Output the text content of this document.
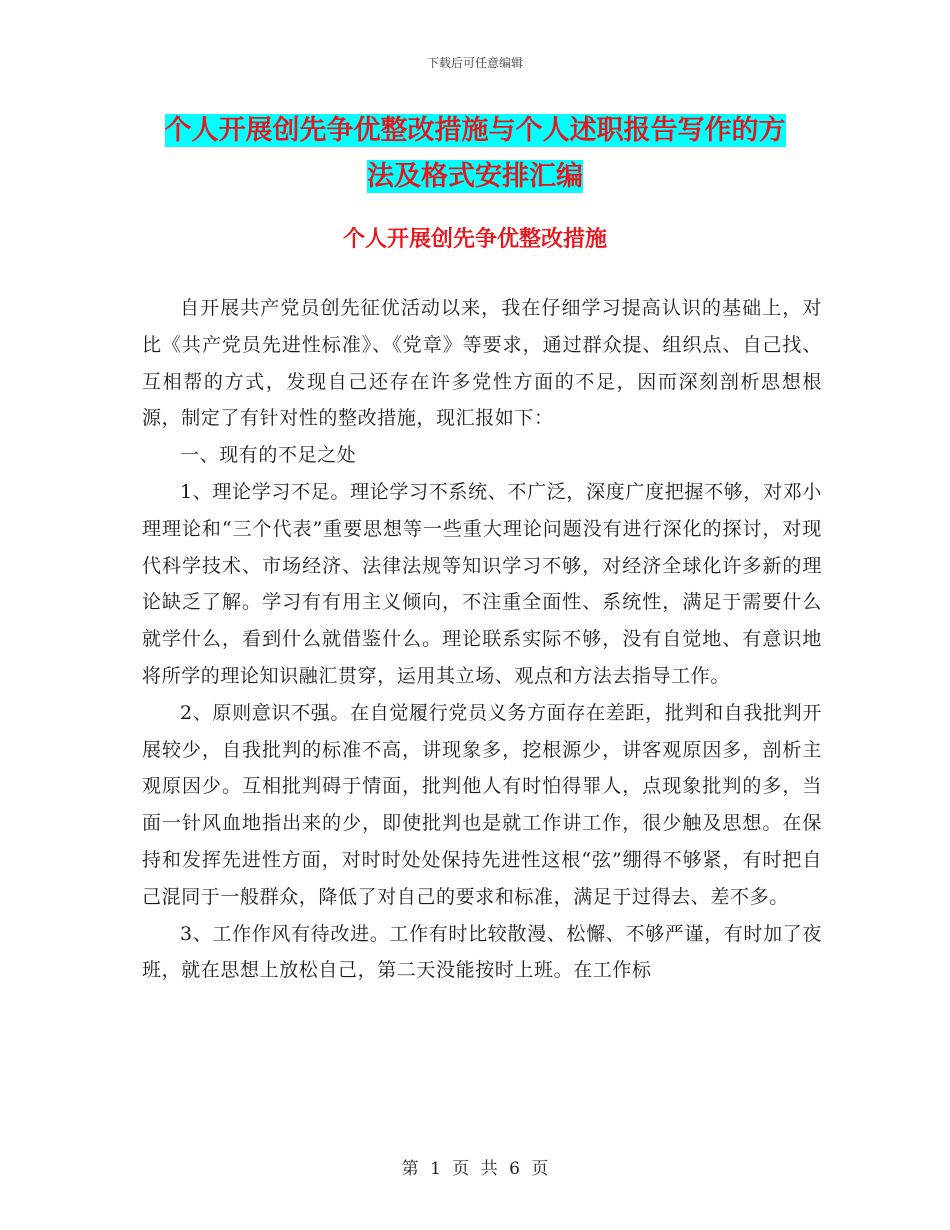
下载后可任意编辑
个人开展创先争优整改措施与个人述职报告写作的方
法及格式安排汇编
个人开展创先争优整改措施

自开展共产党员创先征优活动以来，我在仔细学习提高认识的基础上，对比《共产党员先进性标准》、《党章》等要求，通过群众提、组织点、自己找、互相帮的方式，发现自己还存在许多党性方面的不足，因而深刻剖析思想根源，制定了有针对性的整改措施，现汇报如下：

一、现有的不足之处

1、理论学习不足。理论学习不系统、不广泛，深度广度把握不够，对邓小理理论和“三个代表”重要思想等一些重大理论问题没有进行深化的探讨，对现代科学技术、市场经济、法律法规等知识学习不够，对经济全球化许多新的理论缺乏了解。学习有有用主义倾向，不注重全面性、系统性，满足于需要什么就学什么，看到什么就借鉴什么。理论联系实际不够，没有自觉地、有意识地将所学的理论知识融汇贯穿，运用其立场、观点和方法去指导工作。

2、原则意识不强。在自觉履行党员义务方面存在差距，批判和自我批判开展较少，自我批判的标准不高，讲现象多，挖根源少，讲客观原因多，剖析主观原因少。互相批判碍于情面，批判他人有时怕得罪人，点现象批判的多，当面一针风血地指出来的少，即使批判也是就工作讲工作，很少触及思想。在保持和发挥先进性方面，对时时处处保持先进性这根“弦”绷得不够紧，有时把自己混同于一般群众，降低了对自己的要求和标准，满足于过得去、差不多。

3、工作作风有待改进。工作有时比较散漫、松懈、不够严谨，有时加了夜班，就在思想上放松自己，第二天没能按时上班。在工作标

第 1 页 共 6 页
